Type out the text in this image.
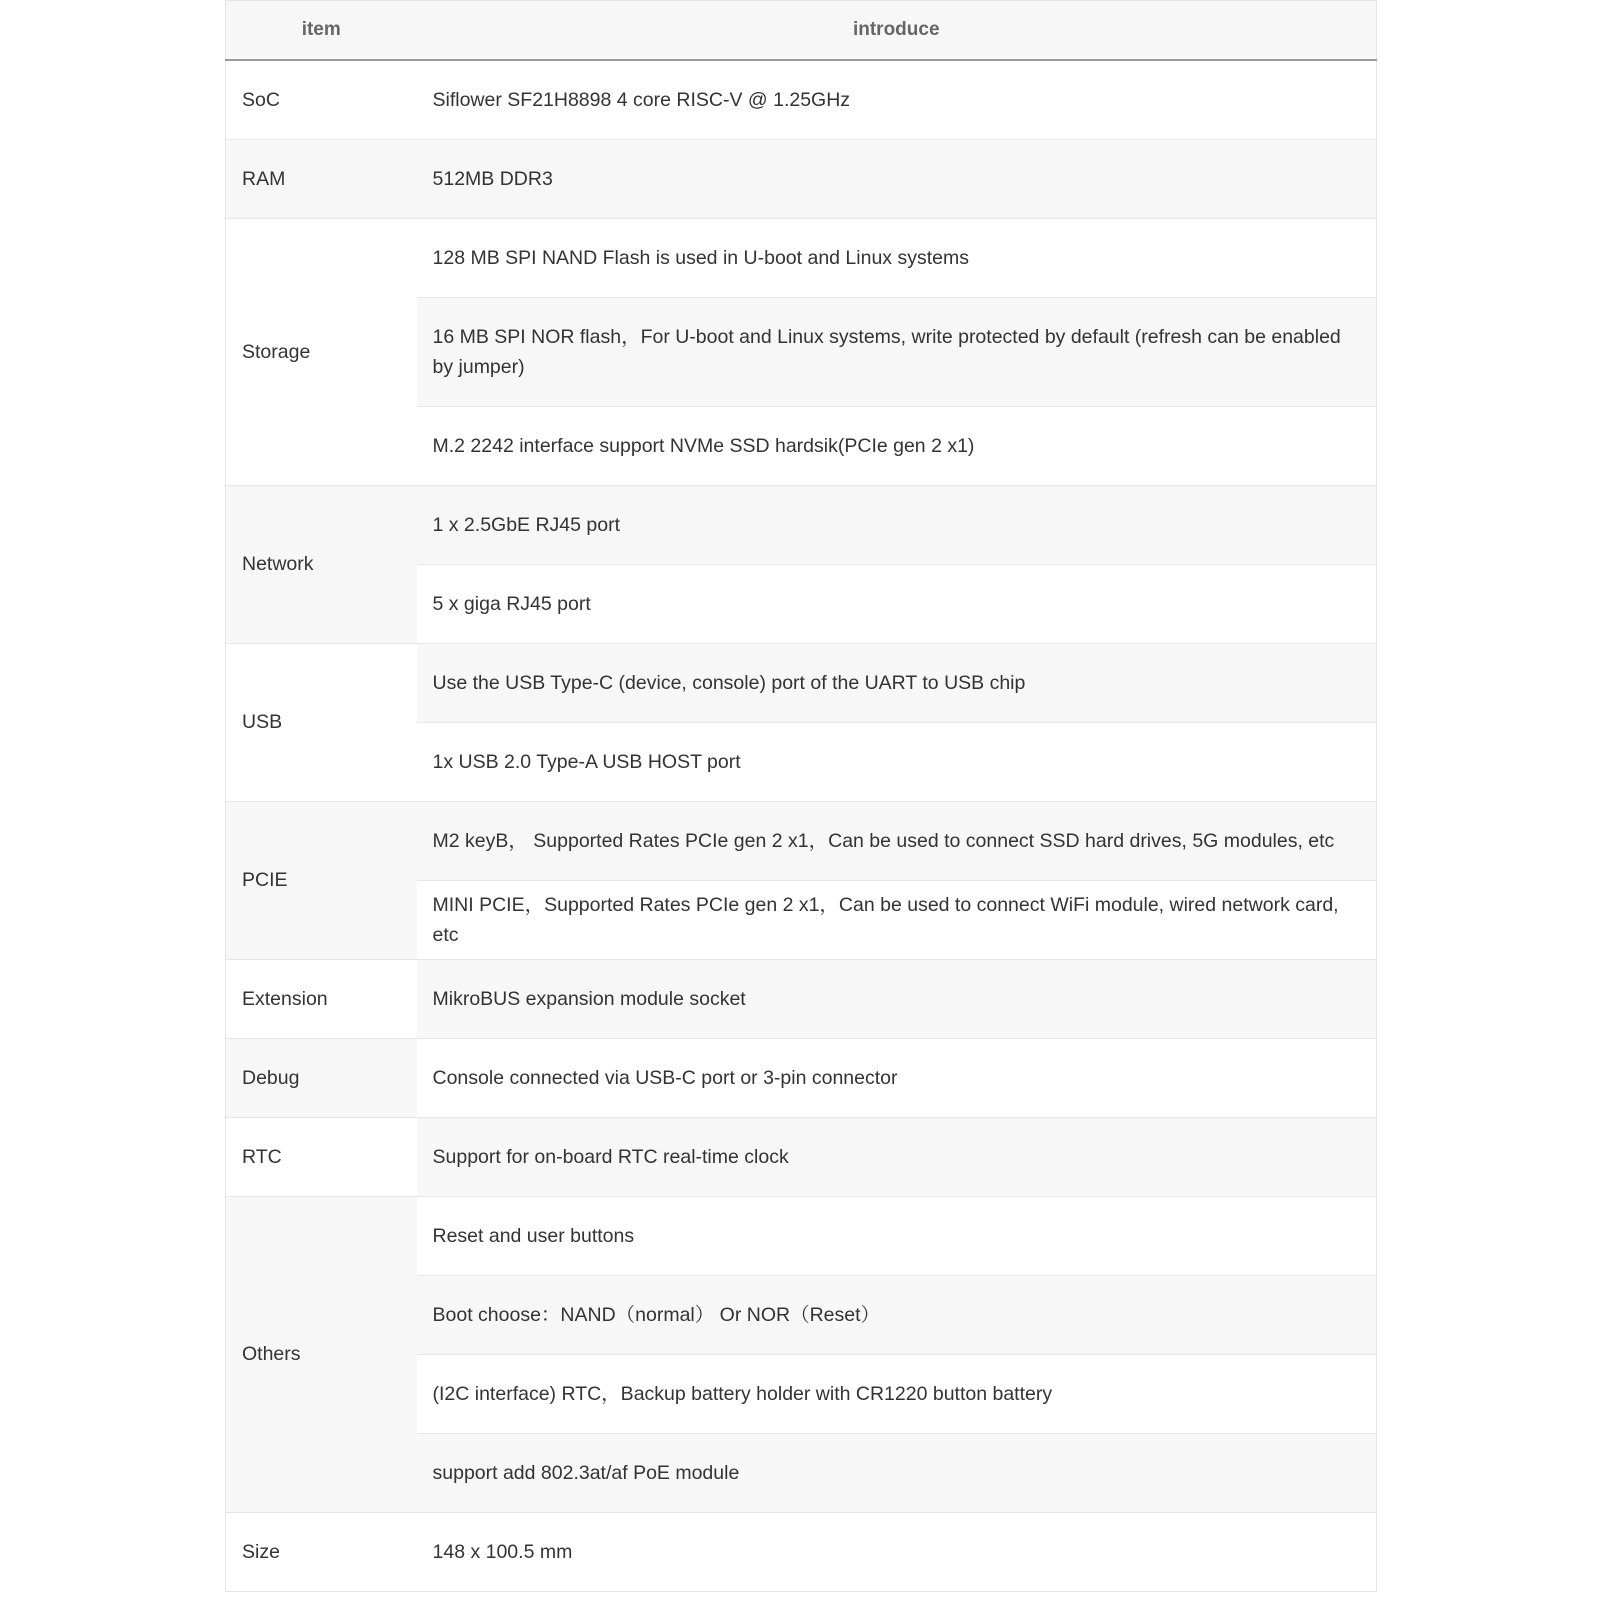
item	introduce
SoC	Siflower SF21H8898 4 core RISC-V @ 1.25GHz
RAM	512MB DDR3
Storage	128 MB SPI NAND Flash is used in U-boot and Linux systems
	16 MB SPI NOR flash，For U-boot and Linux systems, write protected by default (refresh can be enabled by jumper)
	M.2 2242 interface support NVMe SSD hardsik(PCIe gen 2 x1)
Network	1 x 2.5GbE RJ45 port
	5 x giga RJ45 port
USB	Use the USB Type-C (device, console) port of the UART to USB chip
	1x USB 2.0 Type-A USB HOST port
PCIE	M2 keyB， Supported Rates PCIe gen 2 x1，Can be used to connect SSD hard drives, 5G modules, etc
	MINI PCIE，Supported Rates PCIe gen 2 x1，Can be used to connect WiFi module, wired network card, etc
Extension	MikroBUS expansion module socket
Debug	Console connected via USB-C port or 3-pin connector
RTC	Support for on-board RTC real-time clock
Others	Reset and user buttons
	Boot choose：NAND（normal） Or NOR（Reset）
	(I2C interface) RTC，Backup battery holder with CR1220 button battery
	support add 802.3at/af PoE module
Size	148 x 100.5 mm
